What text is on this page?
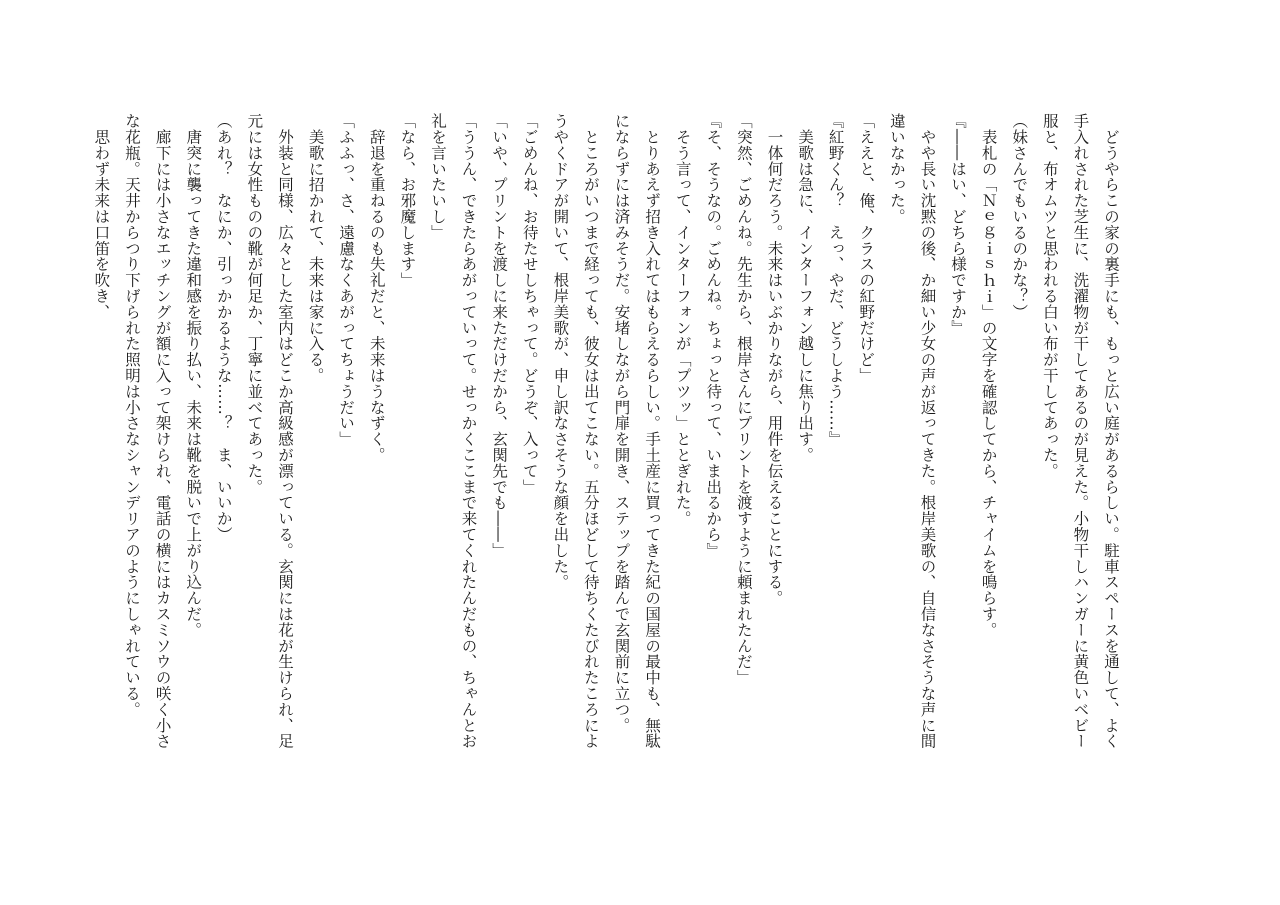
　どうやらこの家の裏手にも、もっと広い庭があるらしい。駐車スペースを通して、よく
手入れされた芝生に、洗濯物が干してあるのが見えた。小物干しハンガーに黄色いベビー
服と、布オムツと思われる白い布が干してあった。
（妹さんでもいるのかな？）
　表札の「Ｎｅｇｉｓｈｉ」の文字を確認してから、チャイムを鳴らす。
『――はい、どちら様ですか』
　やや長い沈黙の後、か細い少女の声が返ってきた。根岸美歌の、自信なさそうな声に間
違いなかった。
「ええと、俺、クラスの紅野だけど」
『紅野くん？　えっ、やだ、どうしよう……』
　美歌は急に、インターフォン越しに焦り出す。
　一体何だろう。未来はいぶかりながら、用件を伝えることにする。
「突然、ごめんね。先生から、根岸さんにプリントを渡すように頼まれたんだ」
『そ、そうなの。ごめんね。ちょっと待って、いま出るから』
　そう言って、インターフォンが「プツッ」ととぎれた。
　とりあえず招き入れてはもらえるらしい。手土産に買ってきた紀の国屋の最中も、無駄
にならずには済みそうだ。安堵しながら門扉を開き、ステップを踏んで玄関前に立つ。
　ところがいつまで経っても、彼女は出てこない。五分ほどして待ちくたびれたころによ
うやくドアが開いて、根岸美歌が、申し訳なさそうな顔を出した。
「ごめんね、お待たせしちゃって。どうぞ、入って」
「いや、プリントを渡しに来ただけだから、玄関先でも――」
「ううん、できたらあがっていって。せっかくここまで来てくれたんだもの、ちゃんとお
礼を言いたいし」
「なら、お邪魔します」
　辞退を重ねるのも失礼だと、未来はうなずく。
「ふふっ、さ、遠慮なくあがってちょうだい」
　美歌に招かれて、未来は家に入る。
　外装と同様、広々とした室内はどこか高級感が漂っている。玄関には花が生けられ、足
元には女性ものの靴が何足か、丁寧に並べてあった。
（あれ？　なにか、引っかかるような……？　ま、いいか）
　唐突に襲ってきた違和感を振り払い、未来は靴を脱いで上がり込んだ。
　廊下には小さなエッチングが額に入って架けられ、電話の横にはカスミソウの咲く小さ
な花瓶。天井からつり下げられた照明は小さなシャンデリアのようにしゃれている。
　思わず未来は口笛を吹き、
